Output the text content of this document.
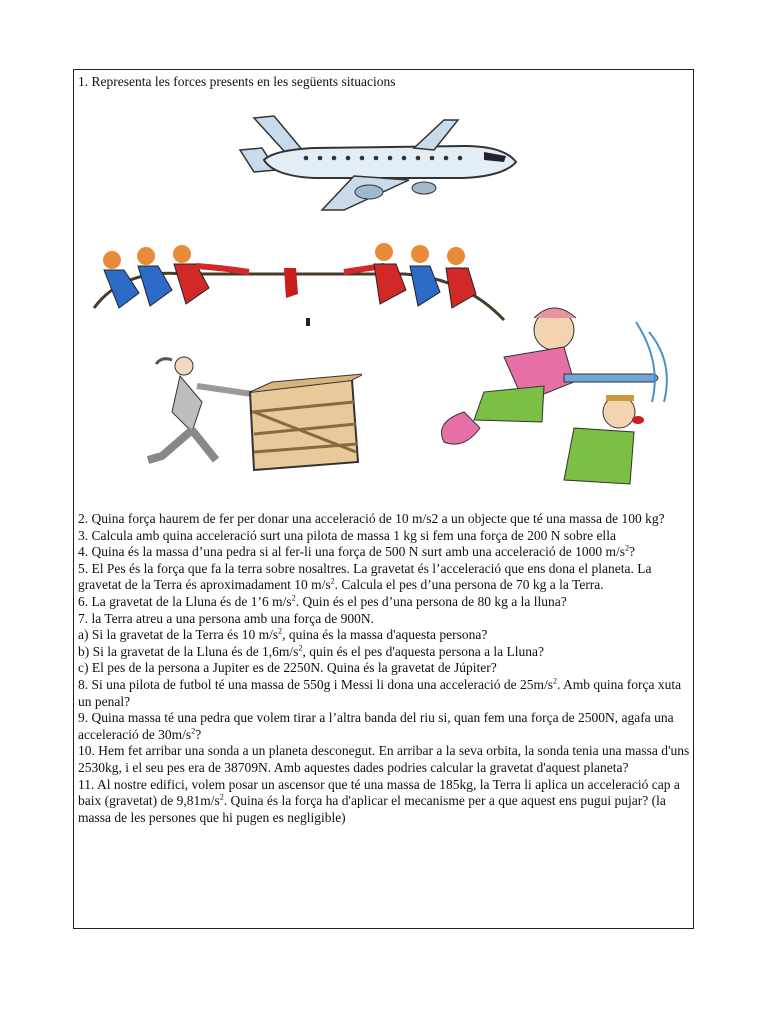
1. Representa les forces presents en les següents situacions

2. Quina força haurem de fer per donar una acceleració de 10 m/s2 a un objecte que té una massa de 100 kg?

3. Calcula amb quina acceleració surt una pilota de massa 1 kg si fem una força de 200 N sobre ella

4. Quina és la massa d’una pedra si al fer-li una força de 500 N surt amb una acceleració de 1000 $m/s^2$?

5. El Pes és la força que fa la terra sobre nosaltres. La gravetat és l’acceleració que ens dona el planeta. La gravetat de la Terra és aproximadament 10 $m/s^2$. Calcula el pes d’una persona de 70 kg a la Terra.

6. La gravetat de la Lluna és de 1’6 $m/s^2$. Quin és el pes d’una persona de 80 kg a la lluna?

7. la Terra atreu a una persona amb una força de 900N.

a) Si la gravetat de la Terra és 10 $m/s^2$, quina és la massa d'aquesta persona?

b) Si la gravetat de la Lluna és de $1,6m/s^2$, quin és el pes d'aquesta persona a la Lluna?

c) El pes de la persona a Jupiter es de 2250N. Quina és la gravetat de Júpiter?

8. Si una pilota de futbol té una massa de 550g i Messi li dona una acceleració de $25m/s^2$. Amb quina força xuta un penal?

9. Quina massa té una pedra que volem tirar a l’altra banda del riu si, quan fem una força de 2500N, agafa una acceleració de $30m/s^2$?

10. Hem fet arribar una sonda a un planeta desconegut. En arribar a la seva orbita, la sonda tenia una massa d'uns 2530kg, i el seu pes era de 38709N. Amb aquestes dades podries calcular la gravetat d'aquest planeta?

11. Al nostre edifici, volem posar un ascensor que té una massa de 185kg, la Terra li aplica un acceleració cap a baix (gravetat) de $9,81m/s^2$. Quina és la força ha d'aplicar el mecanisme per a que aquest ens pugui pujar? (la massa de les persones que hi pugen es negligible)
